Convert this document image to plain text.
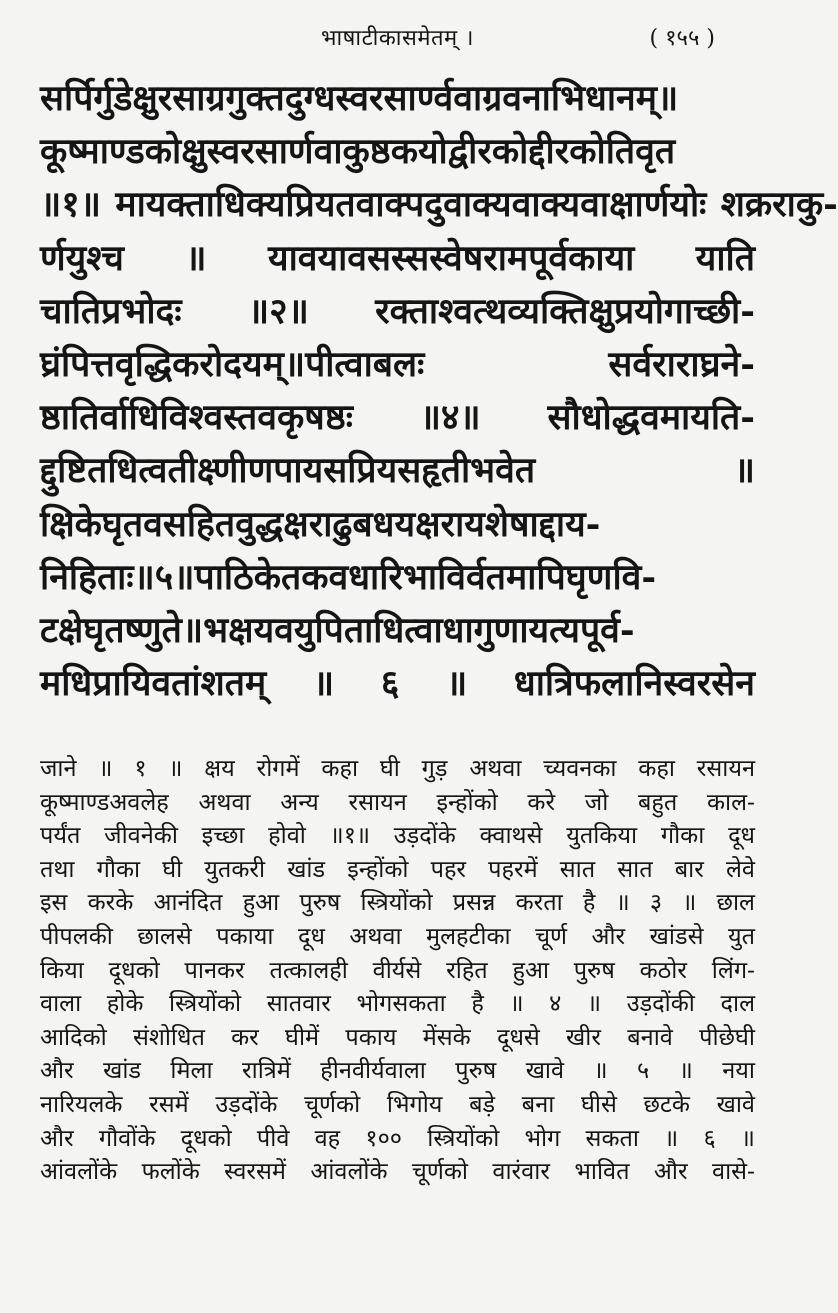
भाषाटीकासमेतम् ।	( १५५ )
सर्पिर्गुडेक्षुरसाग्रगुक्तदुग्धस्वरसार्ण्ववाग्रवनाभिधानम्॥
कूष्माण्डकोक्षुस्वरसार्णवाकुष्ठकयोद्वीरकोद्दीरकोतिवृत
॥१॥ मायक्ताधिक्यप्रियतवाक्पदुवाक्यवाक्यवाक्षार्णयोः शक्रराकु-
र्णयुश्च ॥ यावयावसस्सस्वेषरामपूर्वकाया याति
चातिप्रभोदः ॥२॥ रक्ताश्वत्थव्यक्तिक्षुप्रयोगाच्छी-
घ्रंपित्तवृद्धिकरोदयम्॥पीत्वाबलः सर्वराराघ्रने-
ष्ठातिर्वाधिविश्वस्तवकृषष्ठः ॥४॥ सौधोद्धवमायति-
द्दुष्टितधित्वतीक्ष्णीणपायसप्रियसहृतीभवेत ॥
क्षिकेघृतवसहितवुद्धक्षराढुबधयक्षरायशेषाद्दाय-
निहिताः॥५॥पाठिकेतकवधारिभाविर्वतमापिघृणवि-
टक्षेघृतष्णुते॥भक्षयवयुपिताधित्वाधागुणायत्यपूर्व-
मधिप्रायिवतांशतम् ॥ ६ ॥ धात्रिफलानिस्वरसेन
जाने ॥ १ ॥ क्षय रोगमें कहा घी गुड़ अथवा च्यवनका कहा रसायन
कूष्माण्डअवलेह अथवा अन्य रसायन इन्होंको करे जो बहुत काल-
पर्यंत जीवनेकी इच्छा होवो ॥१॥ उड़दोंके क्वाथसे युतकिया गौका दूध
तथा गौका घी युतकरी खांड इन्होंको पहर पहरमें सात सात बार लेवे
इस करके आनंदित हुआ पुरुष स्त्रियोंको प्रसन्न करता है ॥ ३ ॥ छाल
पीपलकी छालसे पकाया दूध अथवा मुलहटीका चूर्ण और खांडसे युत
किया दूधको पानकर तत्कालही वीर्यसे रहित हुआ पुरुष कठोर लिंग-
वाला होके स्त्रियोंको सातवार भोगसकता है ॥ ४ ॥ उड़दोंकी दाल
आदिको संशोधित कर घीमें पकाय मेंसके दूधसे खीर बनावे पीछेघी
और खांड मिला रात्रिमें हीनवीर्यवाला पुरुष खावे ॥ ५ ॥ नया
नारियलके रसमें उड़दोंके चूर्णको भिगोय बड़े बना घीसे छटके खावे
और गौवोंके दूधको पीवे वह १०० स्त्रियोंको भोग सकता ॥ ६ ॥
आंवलोंके फलोंके स्वरसमें आंवलोंके चूर्णको वारंवार भावित और वासे-
